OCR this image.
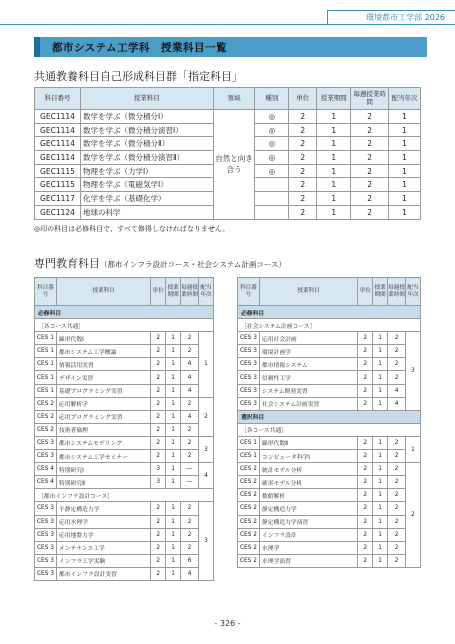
環境都市工学部 2026
都市システム工学科　授業科目一覧
共通教養科目自己形成科目群「指定科目」
科目番号	授業科目	領域	種別	単位	授業期間	毎週授業時間	配当年次
GEC1114	数学を学ぶ（微分積分Ⅰ）	自然と向き合う	◎	2	1	2	1
GEC1114	数学を学ぶ（微分積分演習Ⅰ）		◎	2	1	2	1
GEC1114	数学を学ぶ（微分積分Ⅱ）		◎	2	1	2	1
GEC1114	数学を学ぶ（微分積分演習Ⅱ）		◎	2	1	2	1
GEC1115	物理を学ぶ（力学Ⅰ）		◎	2	1	2	1
GEC1115	物理を学ぶ（電磁気学Ⅰ）			2	1	2	1
GEC1117	化学を学ぶ（基礎化学）			2	1	2	1
GEC1124	地球の科学			2	1	2	1
◎印の科目は必修科目で、すべて修得しなければなりません。
専門教育科目（都市インフラ設計コース・社会システム計画コース）
科目番号	授業科目	単位	授業期間	毎週授業時間	配当年次
必修科目					
［各コース共通］					
CES 1	線形代数Ⅰ	2	1	2	1
CES 1	都市システム工学概論	2	1	2	
CES 1	情報活用実習	2	1	4	
CES 1	デザイン実習	2	1	4	
CES 1	基礎プログラミング実習	2	1	4	
CES 2	応用解析学	2	1	2	2
CES 2	応用プログラミング実習	2	1	4	
CES 2	技術者倫理	2	1	2	
CES 3	都市システムモデリング	2	1	2	3
CES 3	都市システム工学セミナー	2	1	2	
CES 4	特別研究Ⅰ	3	1	―	4
CES 4	特別研究Ⅱ	3	1	―	
［都市インフラ設計コース］					
CES 3	不静定構造力学	2	1	2	3
CES 3	応用水理学	2	1	2	
CES 3	応用地盤力学	2	1	2	
CES 3	メンテナンス工学	2	1	2	
CES 3	インフラ工学実験	2	1	6	
CES 3	都市インフラ設計実習	2	1	4	
科目番号	授業科目	単位	授業期間	毎週授業時間	配当年次
必修科目					
［社会システム計画コース］					
CES 3	応用社会計画	2	1	2	3
CES 3	環境計画学	2	1	2	
CES 3	都市情報システム	2	1	2	
CES 3	信頼性工学	2	1	2	
CES 3	システム開発実習	2	1	4	
CES 3	社会システム計画実習	2	1	4	
選択科目					
［各コース共通］					
CES 1	線形代数Ⅱ	2	1	2	1
CES 1	コンピュータ科学Ⅰ	2	1	2	
CES 2	統計モデル分析	2	1	2	2
CES 2	確率モデル分析	2	1	2	
CES 2	数値解析	2	1	2	
CES 2	静定構造力学	2	1	2	
CES 2	静定構造力学演習	2	1	2	
CES 2	インフラ設計	2	1	2	
CES 2	水理学	2	1	2	
CES 2	水理学演習	2	1	2	
- 326 -
